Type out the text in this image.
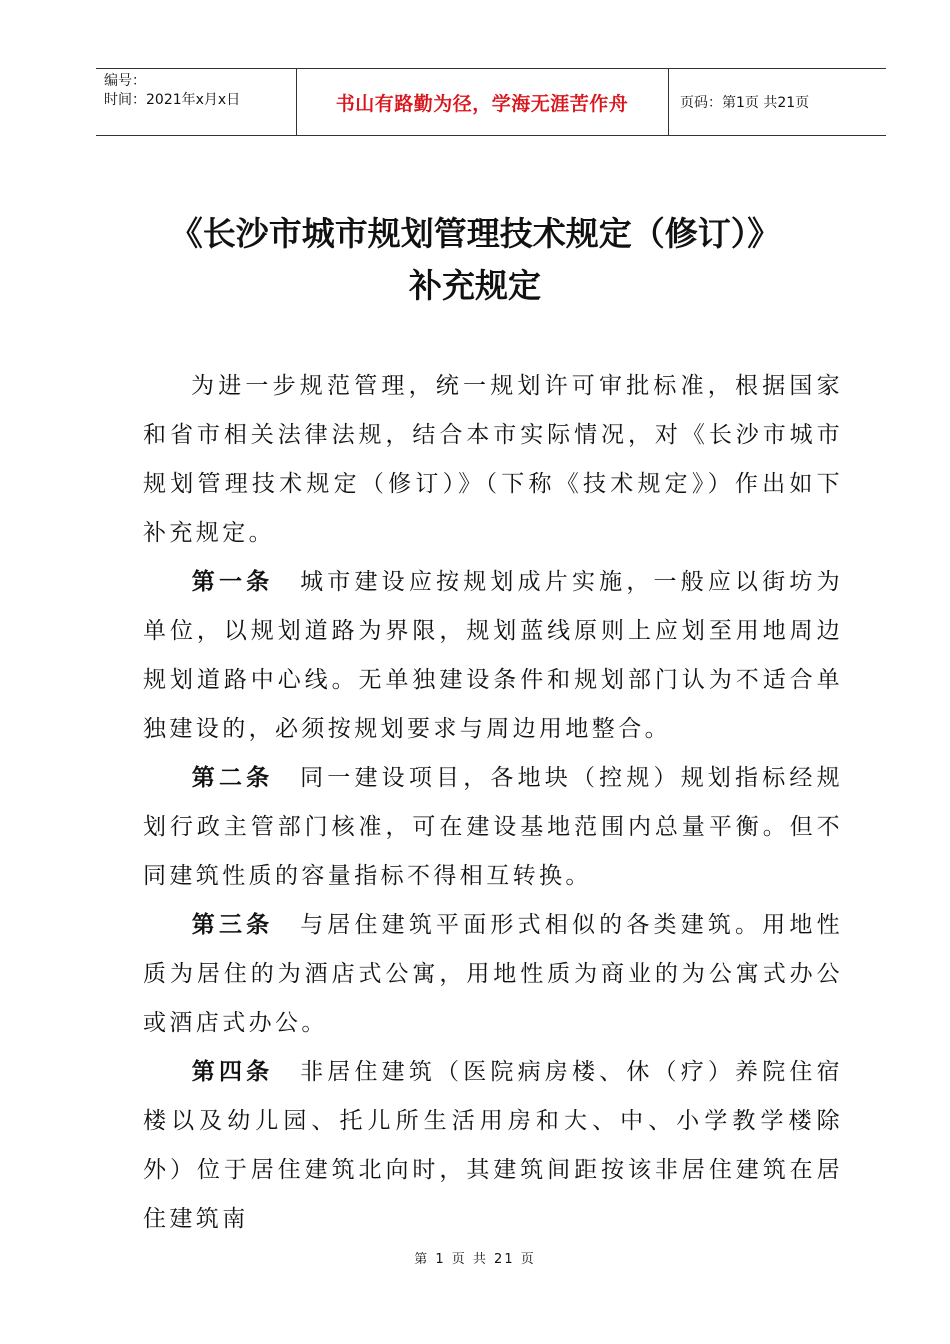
编号：
时间：2021年x月x日	书山有路勤为径，学海无涯苦作舟	页码：第1页 共21页
《长沙市城市规划管理技术规定（修订）》
补充规定

为进一步规范管理，统一规划许可审批标准，根据国家和省市相关法律法规，结合本市实际情况，对《长沙市城市规划管理技术规定（修订）》（下称《技术规定》）作出如下补充规定。

第一条 城市建设应按规划成片实施，一般应以街坊为单位，以规划道路为界限，规划蓝线原则上应划至用地周边规划道路中心线。无单独建设条件和规划部门认为不适合单独建设的，必须按规划要求与周边用地整合。

第二条 同一建设项目，各地块（控规）规划指标经规划行政主管部门核准，可在建设基地范围内总量平衡。但不同建筑性质的容量指标不得相互转换。

第三条 与居住建筑平面形式相似的各类建筑。用地性质为居住的为酒店式公寓，用地性质为商业的为公寓式办公或酒店式办公。

第四条 非居住建筑（医院病房楼、休（疗）养院住宿楼以及幼儿园、托儿所生活用房和大、中、小学教学楼除外）位于居住建筑北向时，其建筑间距按该非居住建筑在居住建筑南

第 1 页 共 21 页
